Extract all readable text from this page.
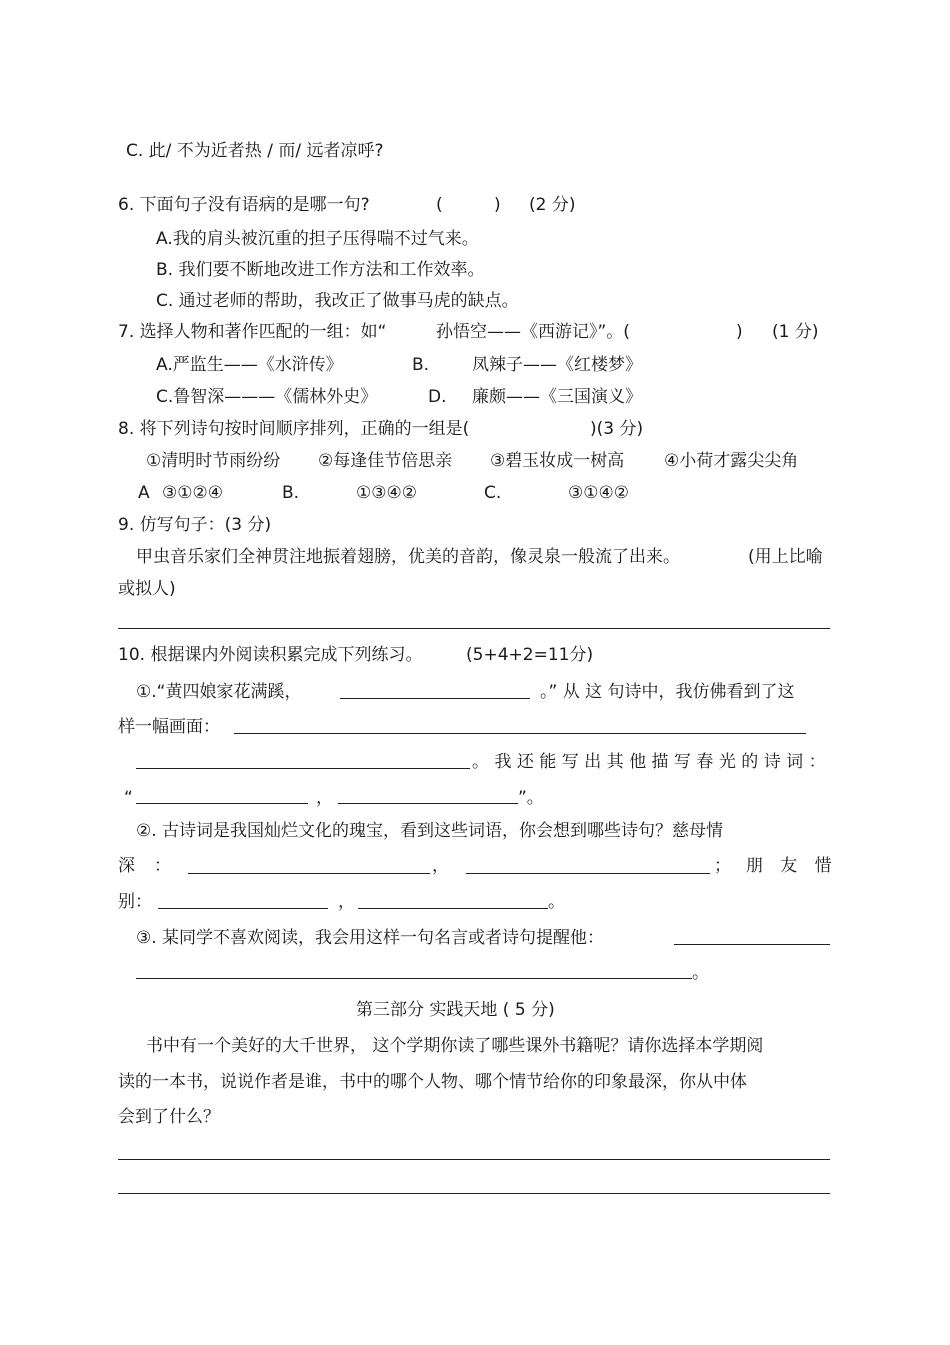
C. 此/ 不为近者热 / 而/ 远者凉呼?
6. 下面句子没有语病的是哪一句?	(	) (2 分)
A.我的肩头被沉重的担子压得喘不过气来。
B. 我们要不断地改进工作方法和工作效率。
C. 通过老师的帮助，我改正了做事马虎的缺点。
7. 选择人物和著作匹配的一组：如“	孙悟空——《西游记》”。(	) (1 分)
A.严监生——《水浒传》	B.	凤辣子——《红楼梦》
C.鲁智深———《儒林外史》	D. 廉颇——《三国演义》
8. 将下列诗句按时间顺序排列，正确的一组是(	)(3 分)
①清明时节雨纷纷 ②每逢佳节倍思亲 ③碧玉妆成一树高 ④小荷才露尖尖角
A ③①②④	B.	①③④②	C.	③①④②
9. 仿写句子：(3 分)
甲虫音乐家们全神贯注地振着翅膀，优美的音韵，像灵泉一般流了出来。	(用上比喻
或拟人)
10. 根据课内外阅读积累完成下列练习。	(5+4+2=11分)
①.“黄四娘家花满蹊，	。” 从 这 句诗中，我仿佛看到了这
样一幅画面：
。我还能写出其他描写春光的诗词：
“	，	”。
②. 古诗词是我国灿烂文化的瑰宝，看到这些词语，你会想到哪些诗句？慈母情
深 ：	，	； 朋 友 惜
别：	，	。
③. 某同学不喜欢阅读，我会用这样一句名言或者诗句提醒他：
。
第三部分 实践天地 ( 5 分)
书中有一个美好的大千世界， 这个学期你读了哪些课外书籍呢？请你选择本学期阅
读的一本书，说说作者是谁，书中的哪个人物、哪个情节给你的印象最深，你从中体
会到了什么？
